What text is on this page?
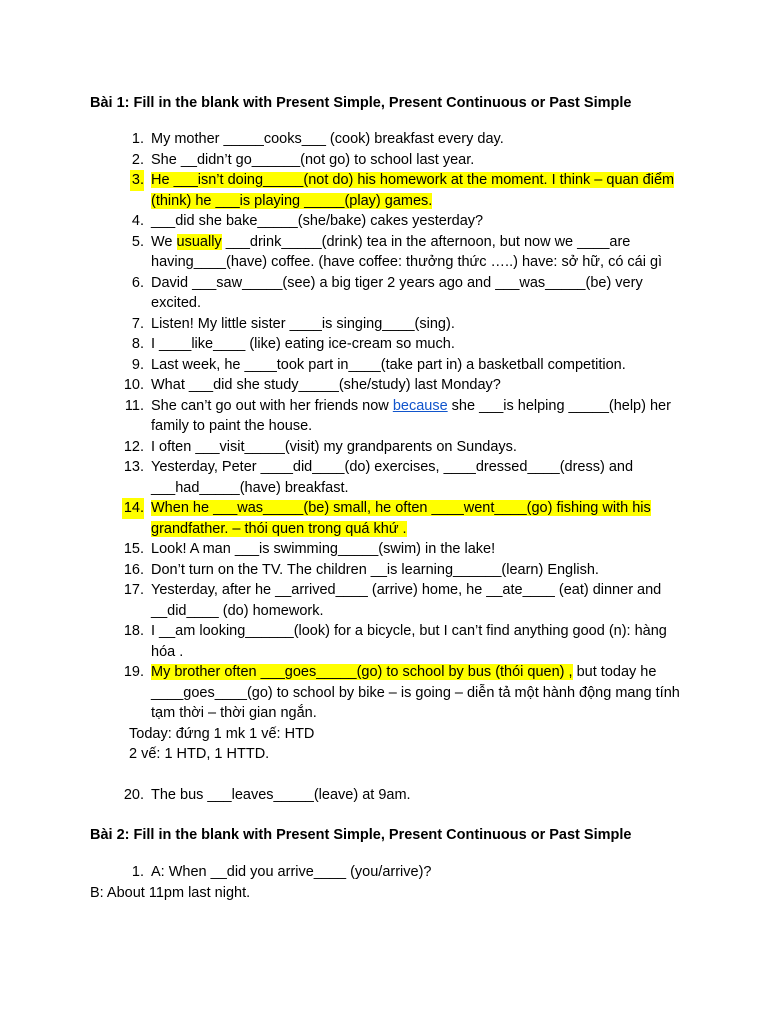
Bài 1: Fill in the blank with Present Simple, Present Continuous or Past Simple
1. My mother _____cooks___ (cook) breakfast every day.
2. She __didn’t go______(not go) to school last year.
3. He ___isn’t doing_____(not do) his homework at the moment. I think – quan điểm (think) he ___is playing _____(play) games.
4. ___did she bake_____(she/bake) cakes yesterday?
5. We usually ___drink_____(drink) tea in the afternoon, but now we ____are having____(have) coffee. (have coffee: thưởng thức …..) have: sở hữ, có cái gì
6. David ___saw_____(see) a big tiger 2 years ago and ___was_____(be) very excited.
7. Listen! My little sister ____is singing____(sing).
8. I ____like____ (like) eating ice-cream so much.
9. Last week, he ____took part in____(take part in) a basketball competition.
10. What ___did she study_____(she/study) last Monday?
11. She can’t go out with her friends now because she ___is helping _____(help) her family to paint the house.
12. I often ___visit_____(visit) my grandparents on Sundays.
13. Yesterday, Peter ____did____(do) exercises, ____dressed____(dress) and ___had_____(have) breakfast.
14. When he ___was_____(be) small, he often ____went____(go) fishing with his grandfather. – thói quen trong quá khứ .
15. Look! A man ___is swimming_____(swim) in the lake!
16. Don’t turn on the TV. The children __is learning______(learn) English.
17. Yesterday, after he __arrived____ (arrive) home, he __ate____ (eat) dinner and __did____ (do) homework.
18. I __am looking______(look) for a bicycle, but I can’t find anything good (n): hàng hóa .
19. My brother often ___goes_____(go) to school by bus (thói quen) , but today he ____goes____(go) to school by bike – is going – diễn tả một hành động mang tính tạm thời – thời gian ngắn.
Today: đứng 1 mk 1 vế: HTD
2 vế: 1 HTD, 1 HTTD.
20. The bus ___leaves_____(leave) at 9am.
Bài 2: Fill in the blank with Present Simple, Present Continuous or Past Simple
1. A: When __did you arrive____ (you/arrive)?
B: About 11pm last night.
